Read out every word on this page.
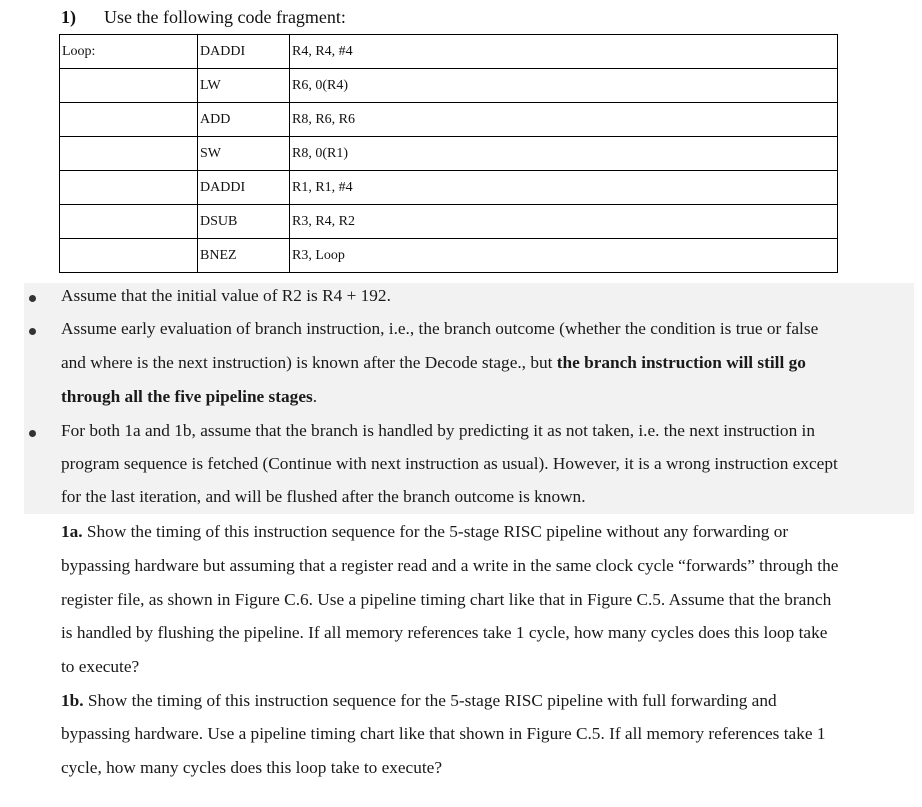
1) Use the following code fragment:
Loop:	DADDI	R4, R4, #4
	LW	R6, 0(R4)
	ADD	R8, R6, R6
	SW	R8, 0(R1)
	DADDI	R1, R1, #4
	DSUB	R3, R4, R2
	BNEZ	R3, Loop
Assume that the initial value of R2 is R4 + 192.
Assume early evaluation of branch instruction, i.e., the branch outcome (whether the condition is true or false
and where is the next instruction) is known after the Decode stage., but the branch instruction will still go
through all the five pipeline stages.
For both 1a and 1b, assume that the branch is handled by predicting it as not taken, i.e. the next instruction in
program sequence is fetched (Continue with next instruction as usual). However, it is a wrong instruction except
for the last iteration, and will be flushed after the branch outcome is known.
1a. Show the timing of this instruction sequence for the 5-stage RISC pipeline without any forwarding or
bypassing hardware but assuming that a register read and a write in the same clock cycle “forwards” through the
register file, as shown in Figure C.6. Use a pipeline timing chart like that in Figure C.5. Assume that the branch
is handled by flushing the pipeline. If all memory references take 1 cycle, how many cycles does this loop take
to execute?
1b. Show the timing of this instruction sequence for the 5-stage RISC pipeline with full forwarding and
bypassing hardware. Use a pipeline timing chart like that shown in Figure C.5. If all memory references take 1
cycle, how many cycles does this loop take to execute?
